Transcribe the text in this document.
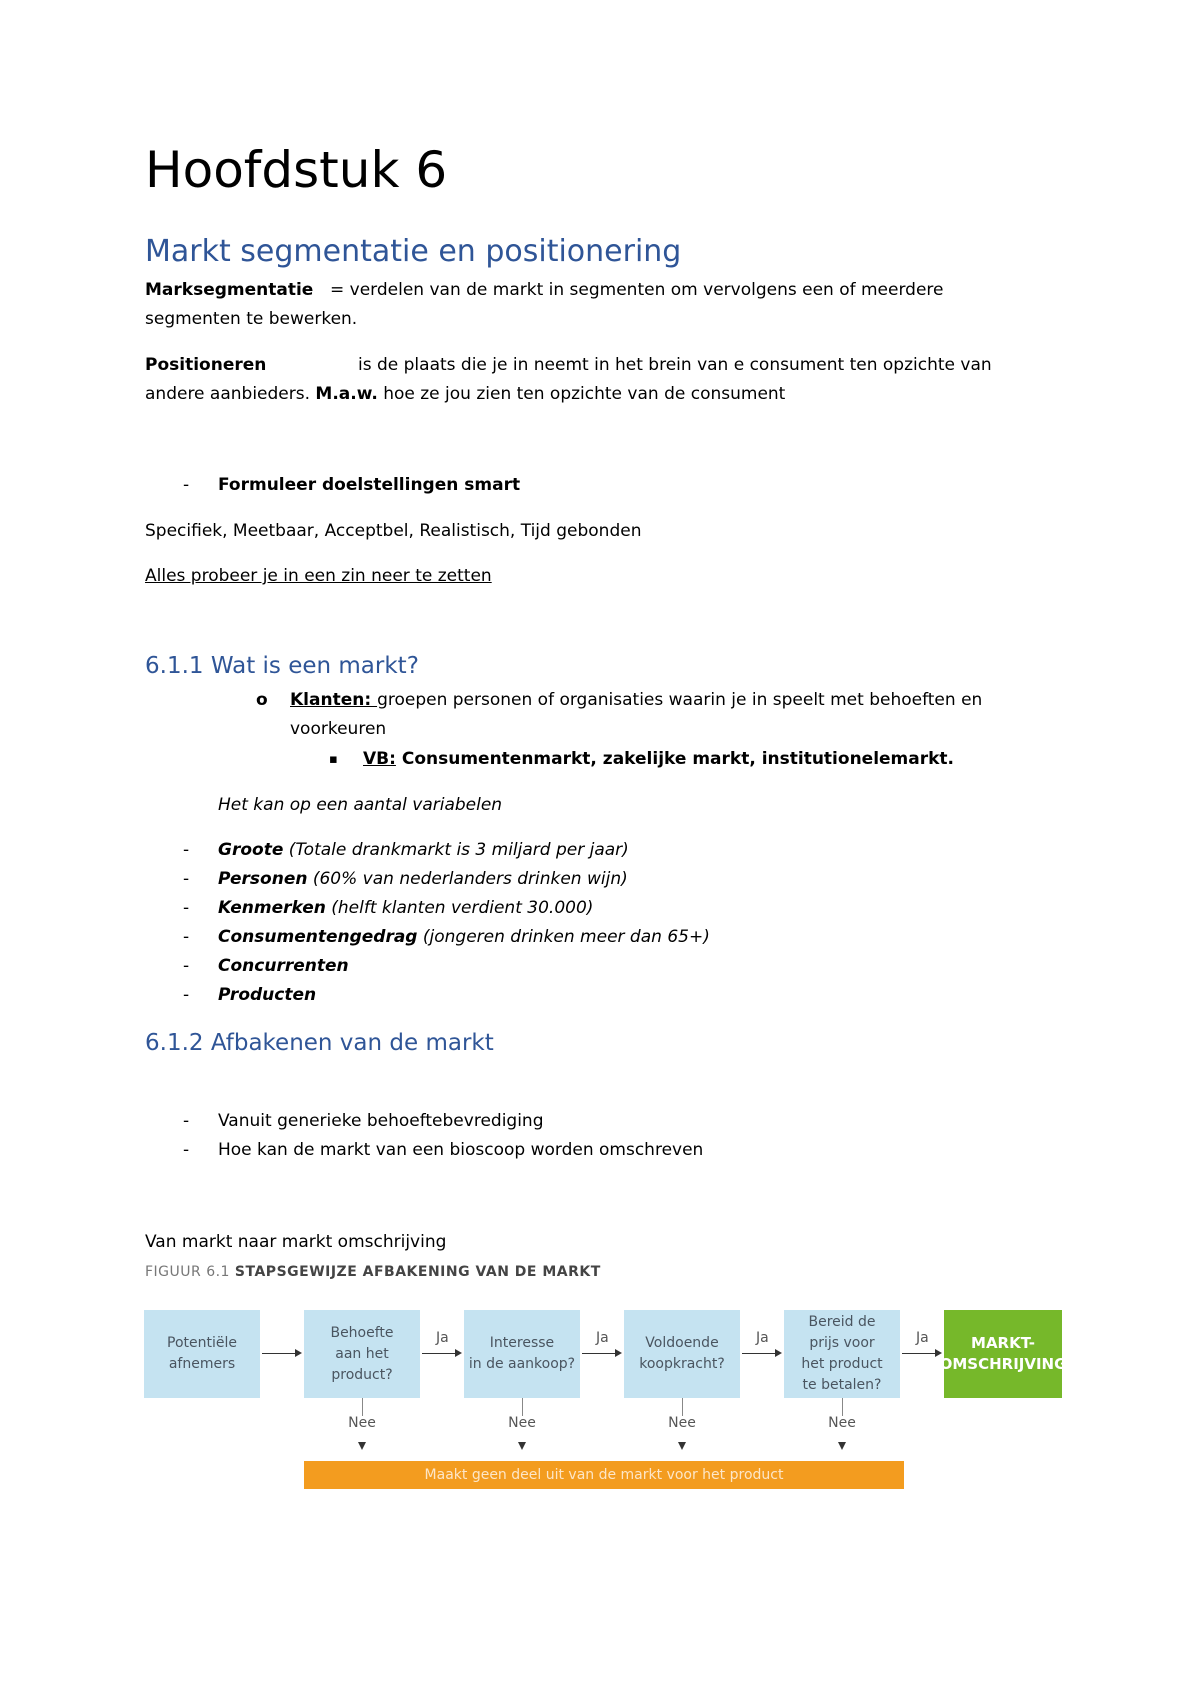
Hoofdstuk 6
Markt segmentatie en positionering
Marksegmentatie = verdelen van de markt in segmenten om vervolgens een of meerdere
segmenten te bewerken.
Positioneren	is de plaats die je in neemt in het brein van e consument ten opzichte van
andere aanbieders. M.a.w. hoe ze jou zien ten opzichte van de consument
- Formuleer doelstellingen smart
Specifiek, Meetbaar, Acceptbel, Realistisch, Tijd gebonden
Alles probeer je in een zin neer te zetten
6.1.1 Wat is een markt?
o Klanten: groepen personen of organisaties waarin je in speelt met behoeften en
voorkeuren
▪ VB: Consumentenmarkt, zakelijke markt, institutionelemarkt.
Het kan op een aantal variabelen
- Groote (Totale drankmarkt is 3 miljard per jaar)
- Personen (60% van nederlanders drinken wijn)
- Kenmerken (helft klanten verdient 30.000)
- Consumentengedrag (jongeren drinken meer dan 65+)
- Concurrenten
- Producten
6.1.2 Afbakenen van de markt
- Vanuit generieke behoeftebevrediging
- Hoe kan de markt van een bioscoop worden omschreven
Van markt naar markt omschrijving
FIGUUR 6.1 STAPSGEWIJZE AFBAKENING VAN DE MARKT
Potentiële
afnemers
Behoefte
aan het
product?
Interesse
in de aankoop?
Voldoende
koopkracht?
Bereid de
prijs voor
het product
te betalen?
MARKT-
OMSCHRIJVING
Ja	Ja	Ja	Ja
Nee	Nee	Nee	Nee
Maakt geen deel uit van de markt voor het product
